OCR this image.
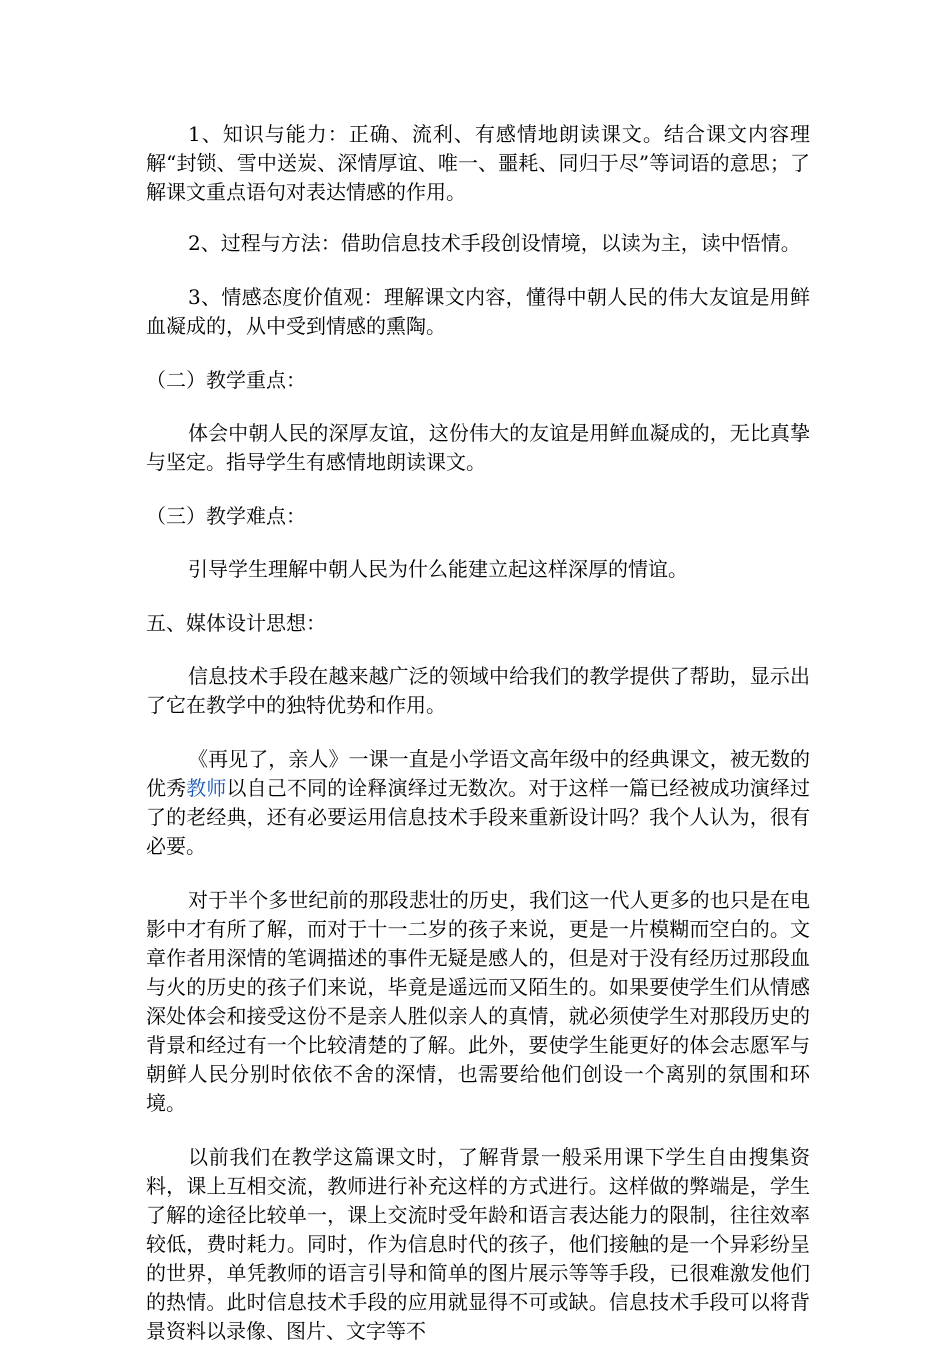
1、知识与能力：正确、流利、有感情地朗读课文。结合课文内容理解“封锁、雪中送炭、深情厚谊、唯一、噩耗、同归于尽”等词语的意思；了解课文重点语句对表达情感的作用。

2、过程与方法：借助信息技术手段创设情境，以读为主，读中悟情。

3、情感态度价值观：理解课文内容，懂得中朝人民的伟大友谊是用鲜血凝成的，从中受到情感的熏陶。

（二）教学重点：

体会中朝人民的深厚友谊，这份伟大的友谊是用鲜血凝成的，无比真挚与坚定。指导学生有感情地朗读课文。

（三）教学难点：

引导学生理解中朝人民为什么能建立起这样深厚的情谊。

五、媒体设计思想：

信息技术手段在越来越广泛的领域中给我们的教学提供了帮助，显示出了它在教学中的独特优势和作用。

《再见了，亲人》一课一直是小学语文高年级中的经典课文，被无数的优秀教师以自己不同的诠释演绎过无数次。对于这样一篇已经被成功演绎过了的老经典，还有必要运用信息技术手段来重新设计吗？我个人认为，很有必要。

对于半个多世纪前的那段悲壮的历史，我们这一代人更多的也只是在电影中才有所了解，而对于十一二岁的孩子来说，更是一片模糊而空白的。文章作者用深情的笔调描述的事件无疑是感人的，但是对于没有经历过那段血与火的历史的孩子们来说，毕竟是遥远而又陌生的。如果要使学生们从情感深处体会和接受这份不是亲人胜似亲人的真情，就必须使学生对那段历史的背景和经过有一个比较清楚的了解。此外，要使学生能更好的体会志愿军与朝鲜人民分别时依依不舍的深情，也需要给他们创设一个离别的氛围和环境。

以前我们在教学这篇课文时，了解背景一般采用课下学生自由搜集资料，课上互相交流，教师进行补充这样的方式进行。这样做的弊端是，学生了解的途径比较单一，课上交流时受年龄和语言表达能力的限制，往往效率较低，费时耗力。同时，作为信息时代的孩子，他们接触的是一个异彩纷呈的世界，单凭教师的语言引导和简单的图片展示等等手段，已很难激发他们的热情。此时信息技术手段的应用就显得不可或缺。信息技术手段可以将背景资料以录像、图片、文字等不
